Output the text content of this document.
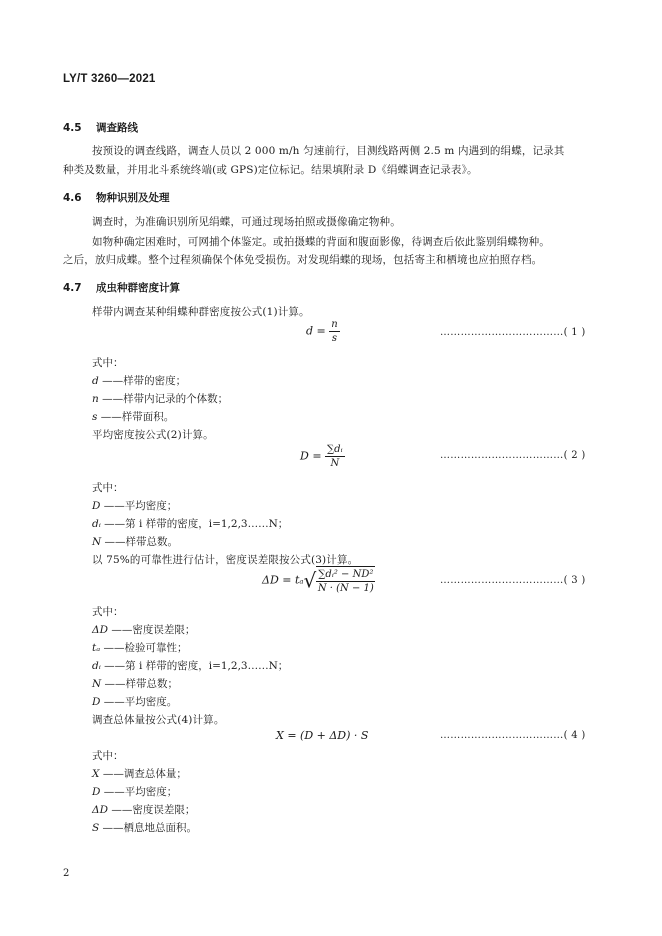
LY/T 3260—2021
4.5 调查路线
按预设的调查线路，调查人员以 2 000 m/h 匀速前行，目测线路两侧 2.5 m 内遇到的绢蝶，记录其
种类及数量，并用北斗系统终端(或 GPS)定位标记。结果填附录 D《绢蝶调查记录表》。
4.6 物种识别及处理
调查时，为准确识别所见绢蝶，可通过现场拍照或摄像确定物种。
如物种确定困难时，可网捕个体鉴定。或拍摄蝶的背面和腹面影像，待调查后依此鉴别绢蝶物种。
之后，放归成蝶。整个过程须确保个体免受损伤。对发现绢蝶的现场，包括寄主和栖境也应拍照存档。
4.7 成虫种群密度计算
样带内调查某种绢蝶种群密度按公式(1)计算。
$d = \frac{n}{s}$	………………………………( 1 )
式中：
d ——样带的密度；
n ——样带内记录的个体数；
s ——样带面积。
平均密度按公式(2)计算。
$D = \frac{\text{∑dᵢ}}{N}$	………………………………( 2 )
式中：
D ——平均密度；
dᵢ ——第 i 样带的密度，i=1,2,3……N；
N ——样带总数。
以 75%的可靠性进行估计，密度误差限按公式(3)计算。
$\Delta D = t_a√ \frac{\text{∑dᵢ² − ND²}}{N \cdot (N - 1)}$	………………………………( 3 )
式中：
ΔD ——密度误差限；
tₐ ——检验可靠性；
dᵢ ——第 i 样带的密度，i=1,2,3……N；
N ——样带总数；
D ——平均密度。
调查总体量按公式(4)计算。
X = (D + ΔD) · S	………………………………( 4 )
式中：
X ——调查总体量；
D ——平均密度；
ΔD ——密度误差限；
S ——栖息地总面积。
2
